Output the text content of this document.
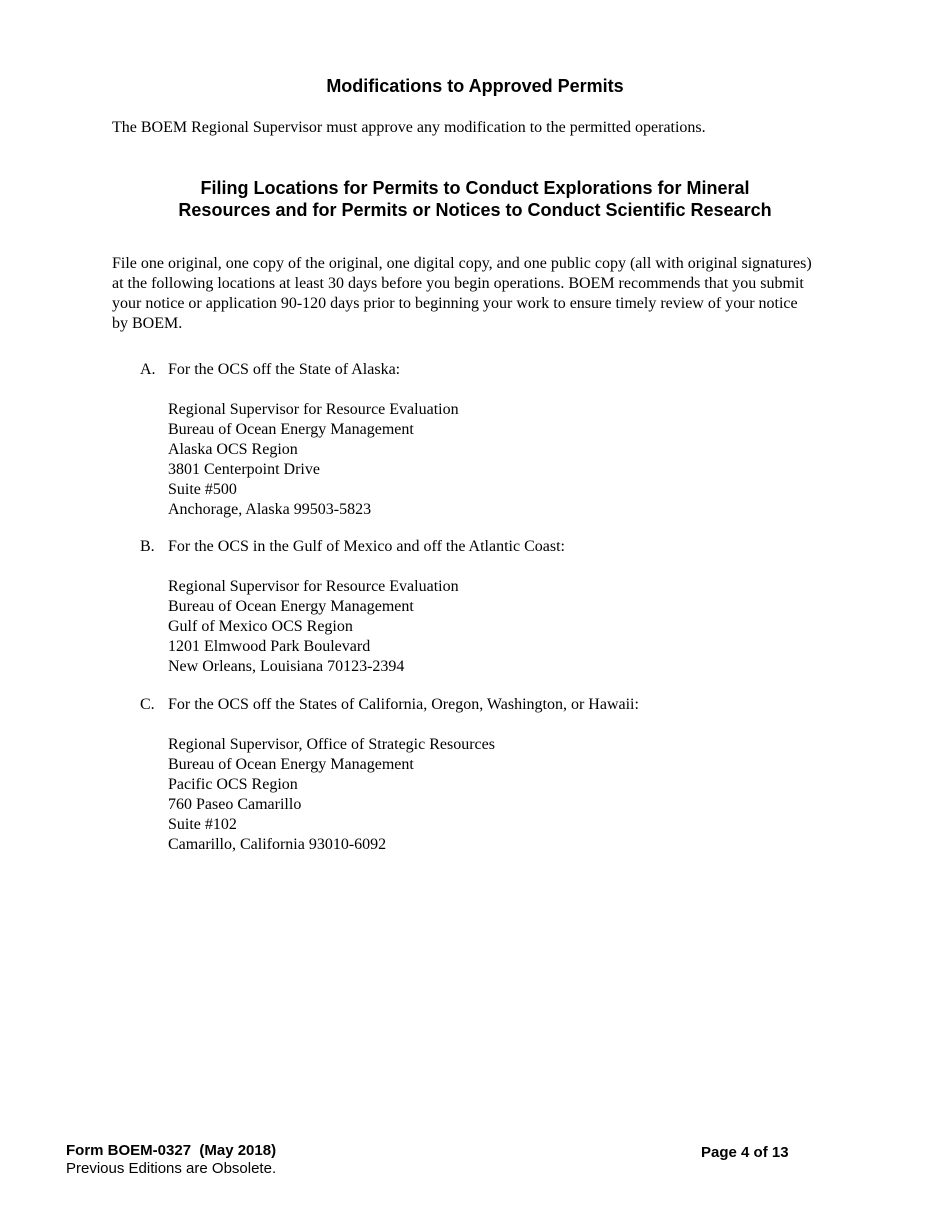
Modifications to Approved Permits

The BOEM Regional Supervisor must approve any modification to the permitted operations.

Filing Locations for Permits to Conduct Explorations for Mineral
Resources and for Permits or Notices to Conduct Scientific Research

File one original, one copy of the original, one digital copy, and one public copy (all with original signatures) at the following locations at least 30 days before you begin operations. BOEM recommends that you submit your notice or application 90-120 days prior to beginning your work to ensure timely review of your notice by BOEM.

A. For the OCS off the State of Alaska:
Regional Supervisor for Resource Evaluation
Bureau of Ocean Energy Management
Alaska OCS Region
3801 Centerpoint Drive
Suite #500
Anchorage, Alaska 99503-5823
B. For the OCS in the Gulf of Mexico and off the Atlantic Coast:
Regional Supervisor for Resource Evaluation
Bureau of Ocean Energy Management
Gulf of Mexico OCS Region
1201 Elmwood Park Boulevard
New Orleans, Louisiana 70123-2394
C. For the OCS off the States of California, Oregon, Washington, or Hawaii:
Regional Supervisor, Office of Strategic Resources
Bureau of Ocean Energy Management
Pacific OCS Region
760 Paseo Camarillo
Suite #102
Camarillo, California 93010-6092
Form BOEM-0327  (May 2018)
Previous Editions are Obsolete.
Page 4 of 13
